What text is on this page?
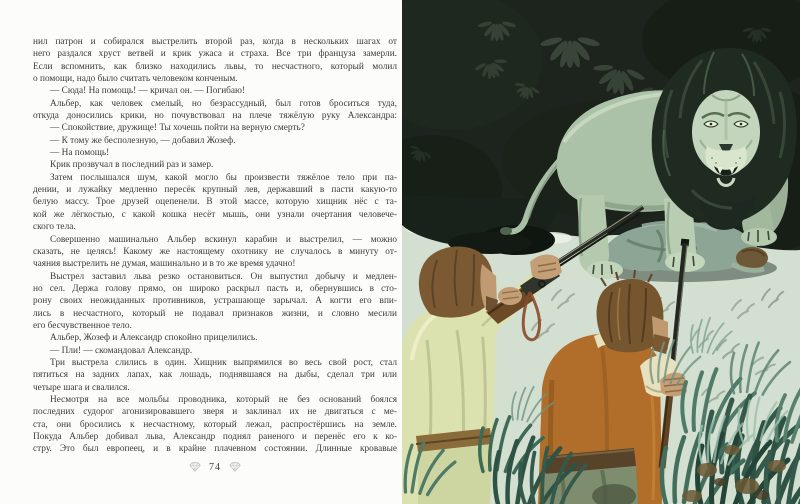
нил патрон и собирался выстрелить второй раз, когда в нескольких шагах от
него раздался хруст ветвей и крик ужаса и страха. Все три француза замерли.
Если вспомнить, как близко находились львы, то несчастного, который молил
о помощи, надо было считать человеком конченым.
— Сюда! На помощь! — кричал он. — Погибаю!
Альбер, как человек смелый, но безрассудный, был готов броситься туда,
откуда доносились крики, но почувствовал на плече тяжёлую руку Александра:
— Спокойствие, дружище! Ты хочешь пойти на верную смерть?
— К тому же бесполезную, — добавил Жозеф.
— На помощь!
Крик прозвучал в последний раз и замер.
Затем послышался шум, какой могло бы произвести тяжёлое тело при па-
дении, и лужайку медленно пересёк крупный лев, державший в пасти какую-то
белую массу. Трое друзей оцепенели. В этой массе, которую хищник нёс с та-
кой же лёгкостью, с какой кошка несёт мышь, они узнали очертания человече-
ского тела.
Совершенно машинально Альбер вскинул карабин и выстрелил, — можно
сказать, не целясь! Какому же настоящему охотнику не случалось в минуту от-
чаяния выстрелить не думая, машинально и в то же время удачно!
Выстрел заставил льва резко остановиться. Он выпустил добычу и медлен-
но сел. Держа голову прямо, он широко раскрыл пасть и, обернувшись в сто-
рону своих неожиданных противников, устрашающе зарычал. А когти его впи-
лись в несчастного, который не подавал признаков жизни, и словно месили
его бесчувственное тело.
Альбер, Жозеф и Александр спокойно прицелились.
— Пли! — скомандовал Александр.
Три выстрела слились в один. Хищник выпрямился во весь свой рост, стал
пятиться на задних лапах, как лошадь, поднявшаяся на дыбы, сделал три или
четыре шага и свалился.
Несмотря на все мольбы проводника, который не без оснований боялся
последних судорог агонизировавшего зверя и заклинал их не двигаться с ме-
ста, они бросились к несчастному, который лежал, распростёршись на земле.
Покуда Альбер добивал льва, Александр поднял раненого и перенёс его к ко-
стру. Это был европеец, и в крайне плачевном состоянии. Длинные кровавые
74
